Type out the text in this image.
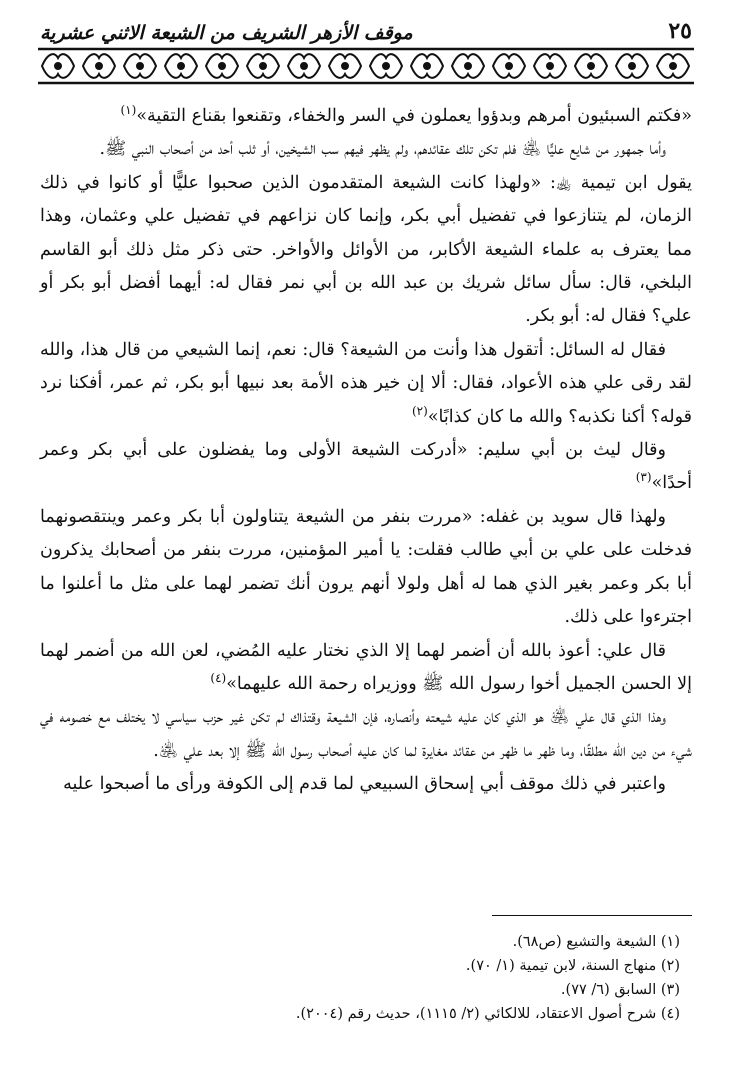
٢٥
موقف الأزهر الشريف من الشيعة الاثني عشرية

«فكتم السبئيون أمرهم وبدؤوا يعملون في السر والخفاء، وتقنعوا بقناع التقية»$^{(١)}$

وأما جمهور من شايع عليًّا ﵁ فلم تكن تلك عقائدهم، ولم يظهر فيهم سب الشيخين، أو ثلب أحد من أصحاب النبي ﷺ.

يقول ابن تيمية ﵀: «ولهذا كانت الشيعة المتقدمون الذين صحبوا عليًّا أو كانوا في ذلك الزمان، لم يتنازعوا في تفضيل أبي بكر، وإنما كان نزاعهم في تفضيل علي وعثمان، وهذا مما يعترف به علماء الشيعة الأكابر، من الأوائل والأواخر. حتى ذكر مثل ذلك أبو القاسم البلخي، قال: سأل سائل شريك بن عبد الله بن أبي نمر فقال له: أيهما أفضل أبو بكر أو علي؟ فقال له: أبو بكر.

فقال له السائل: أتقول هذا وأنت من الشيعة؟ قال: نعم، إنما الشيعي من قال هذا، والله لقد رقى علي هذه الأعواد، فقال: ألا إن خير هذه الأمة بعد نبيها أبو بكر، ثم عمر، أفكنا نرد قوله؟ أكنا نكذبه؟ والله ما كان كذابًا»$^{(٢)}$

وقال ليث بن أبي سليم: «أدركت الشيعة الأولى وما يفضلون على أبي بكر وعمر أحدًا»$^{(٣)}$

ولهذا قال سويد بن غفله: «مررت بنفر من الشيعة يتناولون أبا بكر وعمر وينتقصونهما فدخلت على علي بن أبي طالب فقلت: يا أمير المؤمنين، مررت بنفر من أصحابك يذكرون أبا بكر وعمر بغير الذي هما له أهل ولولا أنهم يرون أنك تضمر لهما على مثل ما أعلنوا ما اجترءوا على ذلك.

قال علي: أعوذ بالله أن أضمر لهما إلا الذي نختار عليه المُضي، لعن الله من أضمر لهما إلا الحسن الجميل أخوا رسول الله ﷺ ووزيراه رحمة الله عليهما»$^{(٤)}$

وهذا الذي قال علي ﵁ هو الذي كان عليه شيعته وأنصاره، فإن الشيعة وقتذاك لم تكن غير حزب سياسي لا يختلف مع خصومه في شيء من دين الله مطلقًا، وما ظهر ما ظهر من عقائد مغايرة لما كان عليه أصحاب رسول الله ﷺ إلا بعد علي ﵁.

واعتبر في ذلك موقف أبي إسحاق السبيعي لما قدم إلى الكوفة ورأى ما أصبحوا عليه

(١) الشيعة والتشيع (ص٦٨).
(٢) منهاج السنة، لابن تيمية (١/ ٧٠).
(٣) السابق (٦/ ٧٧).
(٤) شرح أصول الاعتقاد، للالكائي (٢/ ١١١٥)، حديث رقم (٢٠٠٤).
